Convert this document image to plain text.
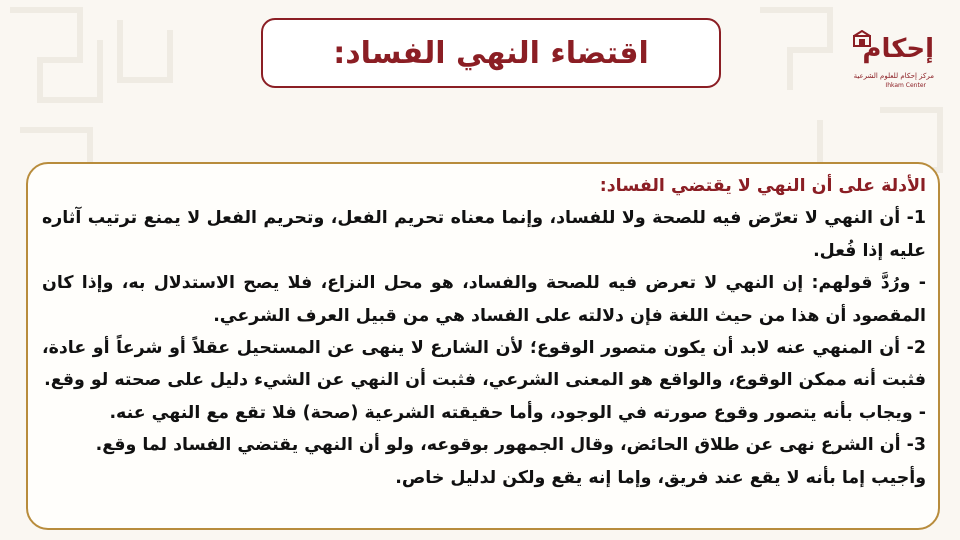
اقتضاء النهي الفساد:	إحكام
مركز إحكام للعلوم الشرعية
Ihkam Center

الأدلة على أن النهي لا يقتضي الفساد:

1- أن النهي لا تعرّض فيه للصحة ولا للفساد، وإنما معناه تحريم الفعل، وتحريم الفعل لا يمنع ترتيب آثاره عليه إذا فُعل.

- ورُدَّ قولهم: إن النهي لا تعرض فيه للصحة والفساد، هو محل النزاع، فلا يصح الاستدلال به، وإذا كان المقصود أن هذا من حيث اللغة فإن دلالته على الفساد هي من قبيل العرف الشرعي.

2- أن المنهي عنه لابد أن يكون متصور الوقوع؛ لأن الشارع لا ينهى عن المستحيل عقلاً أو شرعاً أو عادة، فثبت أنه ممكن الوقوع، والواقع هو المعنى الشرعي، فثبت أن النهي عن الشيء دليل على صحته لو وقع.

- ويجاب بأنه يتصور وقوع صورته في الوجود، وأما حقيقته الشرعية (صحة) فلا تقع مع النهي عنه.

3- أن الشرع نهى عن طلاق الحائض، وقال الجمهور بوقوعه، ولو أن النهي يقتضي الفساد لما وقع.

وأجيب إما بأنه لا يقع عند فريق، وإما إنه يقع ولكن لدليل خاص.
